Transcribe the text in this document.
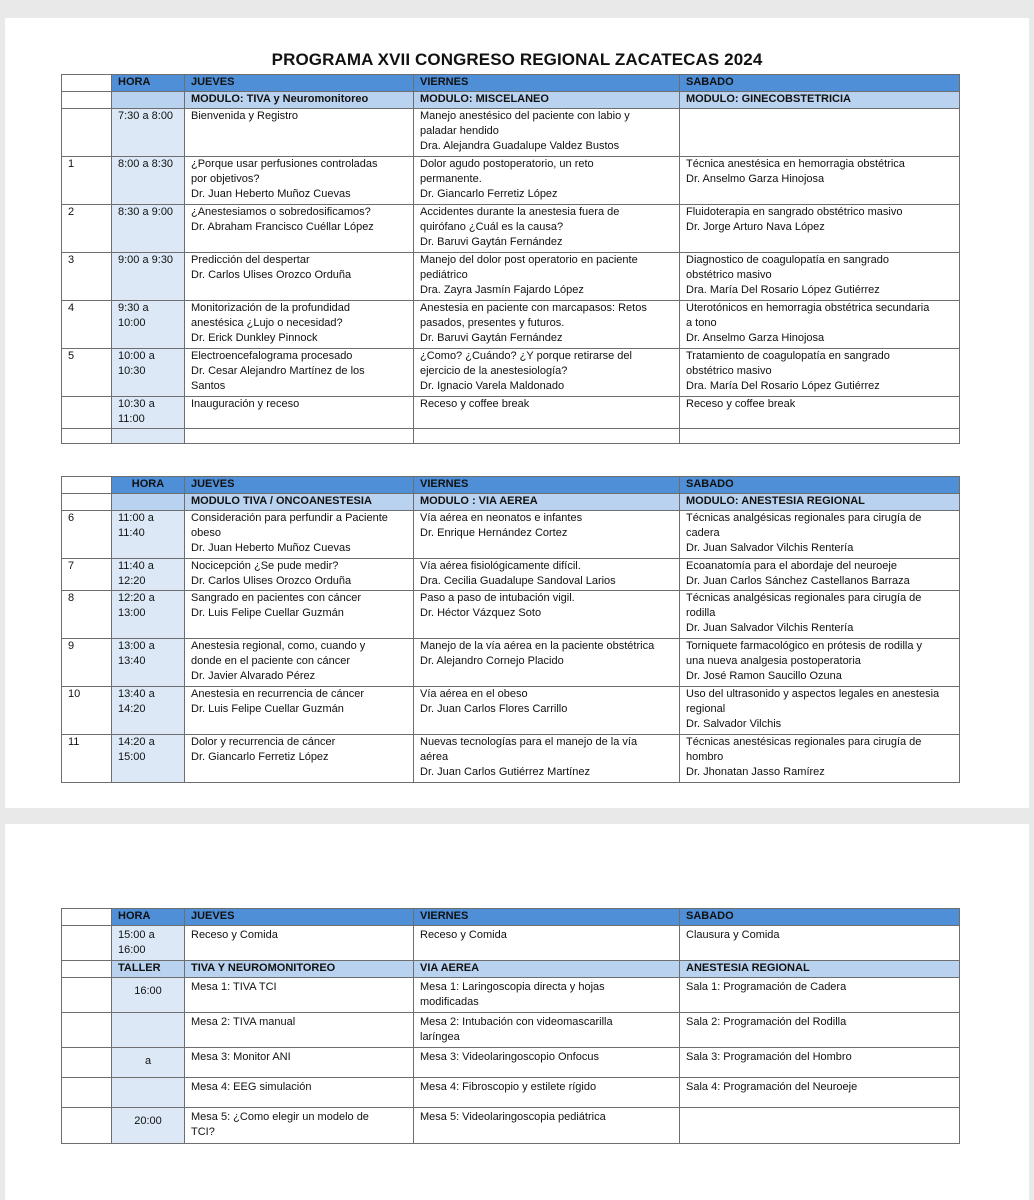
PROGRAMA XVII CONGRESO REGIONAL ZACATECAS 2024
	HORA	JUEVES	VIERNES	SABADO
		MODULO: TIVA y Neuromonitoreo	MODULO: MISCELANEO	MODULO: GINECOBSTETRICIA
	7:30 a 8:00	Bienvenida y Registro	Manejo anestésico del paciente con labio y
paladar hendido
Dra. Alejandra Guadalupe Valdez Bustos	
1	8:00 a 8:30	¿Porque usar perfusiones controladas
por objetivos?
Dr. Juan Heberto Muñoz Cuevas	Dolor agudo postoperatorio, un reto
permanente.
Dr. Giancarlo Ferretiz López	Técnica anestésica en hemorragia obstétrica
Dr. Anselmo Garza Hinojosa
2	8:30 a 9:00	¿Anestesiamos o sobredosificamos?
Dr. Abraham Francisco Cuéllar López	Accidentes durante la anestesia fuera de
quirófano ¿Cuál es la causa?
Dr. Baruvi Gaytán Fernández	Fluidoterapia en sangrado obstétrico masivo
Dr. Jorge Arturo Nava López
3	9:00 a 9:30	Predicción del despertar
Dr. Carlos Ulises Orozco Orduña	Manejo del dolor post operatorio en paciente
pediátrico
Dra. Zayra Jasmín Fajardo López	Diagnostico de coagulopatía en sangrado
obstétrico masivo
Dra. María Del Rosario López Gutiérrez
4	9:30 a
10:00	Monitorización de la profundidad
anestésica ¿Lujo o necesidad?
Dr. Erick Dunkley Pinnock	Anestesia en paciente con marcapasos: Retos
pasados, presentes y futuros.
Dr. Baruvi Gaytán Fernández	Uterotónicos en hemorragia obstétrica secundaria
a tono
Dr. Anselmo Garza Hinojosa
5	10:00 a
10:30	Electroencefalograma procesado
Dr. Cesar Alejandro Martínez de los
Santos	¿Como? ¿Cuándo? ¿Y porque retirarse del
ejercicio de la anestesiología?
Dr. Ignacio Varela Maldonado	Tratamiento de coagulopatía en sangrado
obstétrico masivo
Dra. María Del Rosario López Gutiérrez
	10:30 a
11:00	Inauguración y receso	Receso y coffee break	Receso y coffee break

	HORA	JUEVES	VIERNES	SABADO
		MODULO TIVA / ONCOANESTESIA	MODULO : VIA AEREA	MODULO: ANESTESIA REGIONAL
6	11:00 a
11:40	Consideración para perfundir a Paciente
obeso
Dr. Juan Heberto Muñoz Cuevas	Vía aérea en neonatos e infantes
Dr. Enrique Hernández Cortez	Técnicas analgésicas regionales para cirugía de
cadera
Dr. Juan Salvador Vilchis Rentería
7	11:40 a
12:20	Nocicepción ¿Se pude medir?
Dr. Carlos Ulises Orozco Orduña	Vía aérea fisiológicamente difícil.
Dra. Cecilia Guadalupe Sandoval Larios	Ecoanatomía para el abordaje del neuroeje
Dr. Juan Carlos Sánchez Castellanos Barraza
8	12:20 a
13:00	Sangrado en pacientes con cáncer
Dr. Luis Felipe Cuellar Guzmán	Paso a paso de intubación vigil.
Dr. Héctor Vázquez Soto	Técnicas analgésicas regionales para cirugía de
rodilla
Dr. Juan Salvador Vilchis Rentería
9	13:00 a
13:40	Anestesia regional, como, cuando y
donde en el paciente con cáncer
Dr. Javier Alvarado Pérez	Manejo de la vía aérea en la paciente obstétrica
Dr. Alejandro Cornejo Placido	Torniquete farmacológico en prótesis de rodilla y
una nueva analgesia postoperatoria
Dr. José Ramon Saucillo Ozuna
10	13:40 a
14:20	Anestesia en recurrencia de cáncer
Dr. Luis Felipe Cuellar Guzmán	Vía aérea en el obeso
Dr. Juan Carlos Flores Carrillo	Uso del ultrasonido y aspectos legales en anestesia
regional
Dr. Salvador Vilchis
11	14:20 a
15:00	Dolor y recurrencia de cáncer
Dr. Giancarlo Ferretiz López	Nuevas tecnologías para el manejo de la vía
aérea
Dr. Juan Carlos Gutiérrez Martínez	Técnicas anestésicas regionales para cirugía de
hombro
Dr. Jhonatan Jasso Ramírez
	HORA	JUEVES	VIERNES	SABADO
	15:00 a
16:00	Receso y Comida	Receso y Comida	Clausura y Comida
	TALLER	TIVA Y NEUROMONITOREO	VIA AEREA	ANESTESIA REGIONAL
	16:00	Mesa 1: TIVA TCI	Mesa 1: Laringoscopia directa y hojas
modificadas	Sala 1: Programación de Cadera
		Mesa 2: TIVA manual	Mesa 2: Intubación con videomascarilla
laríngea	Sala 2: Programación del Rodilla
	a	Mesa 3: Monitor ANI	Mesa 3: Videolaringoscopio Onfocus	Sala 3: Programación del Hombro
		Mesa 4: EEG simulación	Mesa 4: Fibroscopio y estilete rígido	Sala 4: Programación del Neuroeje
	20:00	Mesa 5: ¿Como elegir un modelo de
TCI?	Mesa 5: Videolaringoscopia pediátrica	
